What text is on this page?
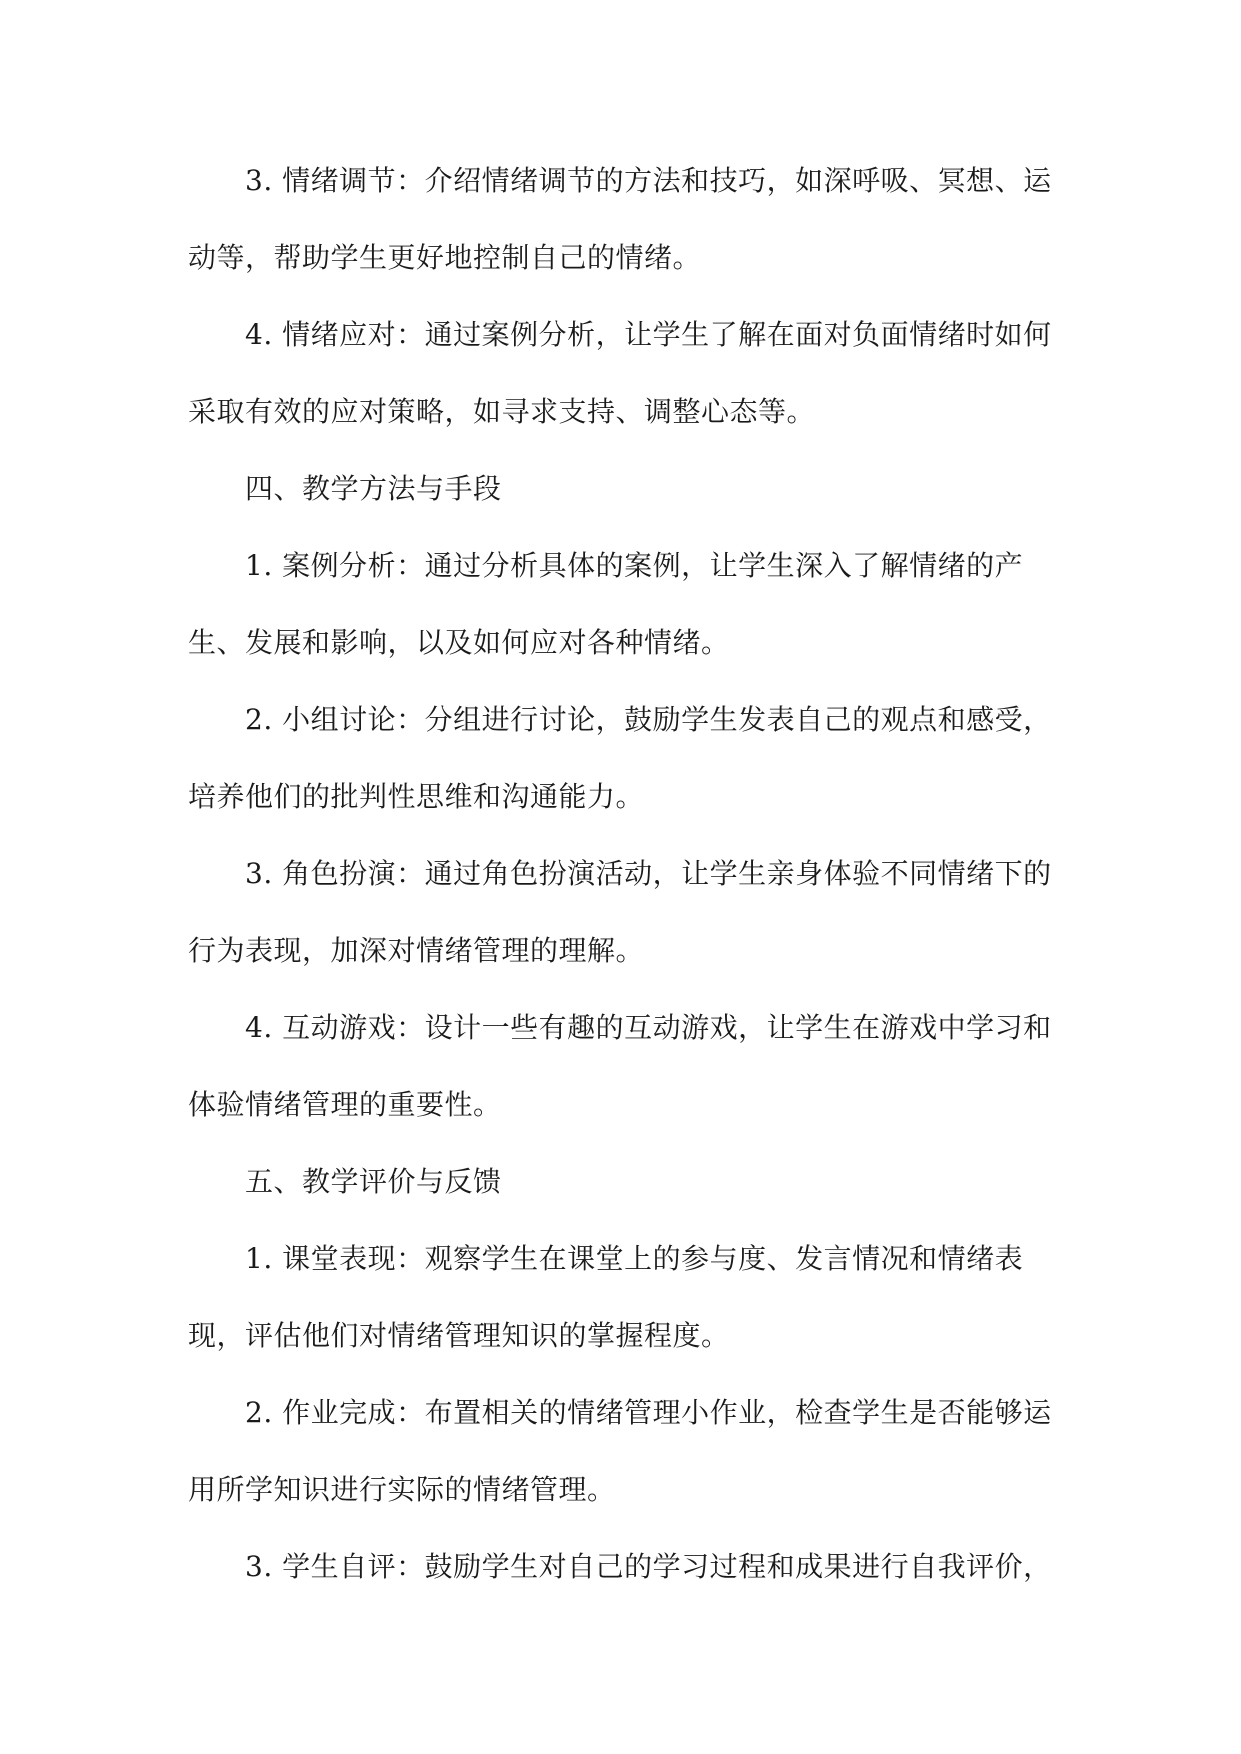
3. 情绪调节：介绍情绪调节的方法和技巧，如深呼吸、冥想、运动等，帮助学生更好地控制自己的情绪。

4. 情绪应对：通过案例分析，让学生了解在面对负面情绪时如何采取有效的应对策略，如寻求支持、调整心态等。

四、教学方法与手段

1. 案例分析：通过分析具体的案例，让学生深入了解情绪的产生、发展和影响，以及如何应对各种情绪。

2. 小组讨论：分组进行讨论，鼓励学生发表自己的观点和感受，培养他们的批判性思维和沟通能力。

3. 角色扮演：通过角色扮演活动，让学生亲身体验不同情绪下的行为表现，加深对情绪管理的理解。

4. 互动游戏：设计一些有趣的互动游戏，让学生在游戏中学习和体验情绪管理的重要性。

五、教学评价与反馈

1. 课堂表现：观察学生在课堂上的参与度、发言情况和情绪表现，评估他们对情绪管理知识的掌握程度。

2. 作业完成：布置相关的情绪管理小作业，检查学生是否能够运用所学知识进行实际的情绪管理。

3. 学生自评：鼓励学生对自己的学习过程和成果进行自我评价，
